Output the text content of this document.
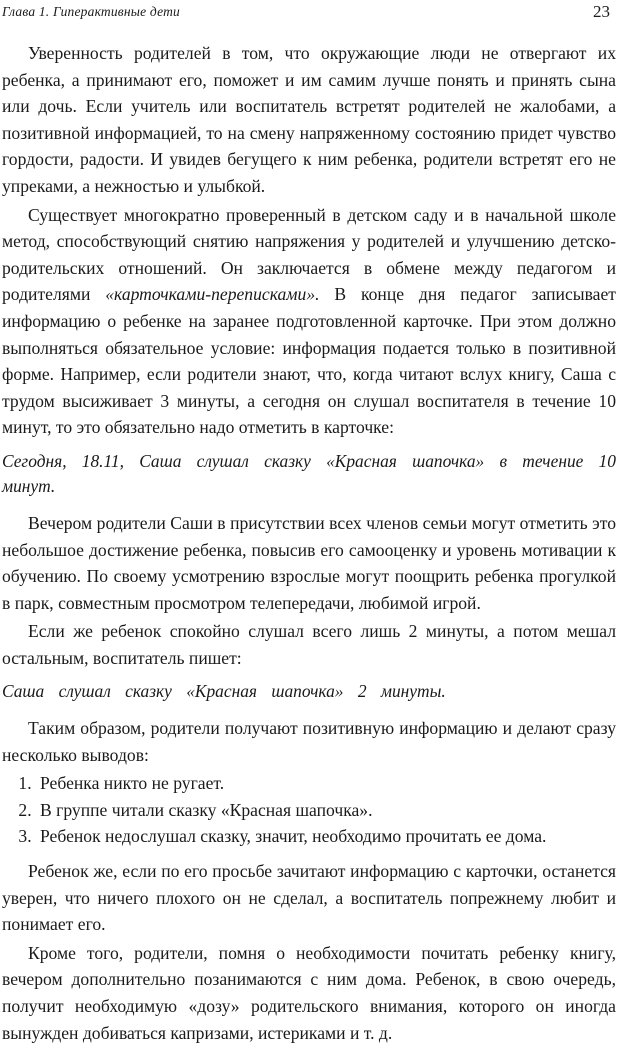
Глава 1. Гиперактивные дети	23

Уверенность родителей в том, что окружающие люди не отвергают их ребенка, а принимают его, поможет и им самим лучше понять и принять сына или дочь. Если учитель или воспитатель встретят родителей не жалобами, а позитивной информацией, то на смену напряженному состоянию придет чувство гордости, радости. И увидев бегущего к ним ребенка, родители встретят его не упреками, а нежностью и улыбкой.

Существует многократно проверенный в детском саду и в начальной школе метод, способствующий снятию напряжения у родителей и улучшению детско-родительских отношений. Он заключается в обмене между педагогом и родителями «карточками-переписками». В конце дня педагог записывает информацию о ребенке на заранее подготовленной карточке. При этом должно выполняться обязательное условие: информация подается только в позитивной форме. Например, если родители знают, что, когда читают вслух книгу, Саша с трудом высиживает 3 минуты, а сегодня он слушал воспитателя в течение 10 минут, то это обязательно надо отметить в карточке:

Сегодня, 18.11, Саша слушал сказку «Красная шапочка» в течение 10 минут.

Вечером родители Саши в присутствии всех членов семьи могут отметить это небольшое достижение ребенка, повысив его самооценку и уровень мотивации к обучению. По своему усмотрению взрослые могут поощрить ребенка прогулкой в парк, совместным просмотром телепередачи, любимой игрой.

Если же ребенок спокойно слушал всего лишь 2 минуты, а потом мешал остальным, воспитатель пишет:

Саша слушал сказку «Красная шапочка» 2 минуты.

Таким образом, родители получают позитивную информацию и делают сразу несколько выводов:

1. Ребенка никто не ругает.
2. В группе читали сказку «Красная шапочка».
3. Ребенок недослушал сказку, значит, необходимо прочитать ее дома.

Ребенок же, если по его просьбе зачитают информацию с карточки, останется уверен, что ничего плохого он не сделал, а воспитатель попрежнему любит и понимает его.

Кроме того, родители, помня о необходимости почитать ребенку книгу, вечером дополнительно позанимаются с ним дома. Ребенок, в свою очередь, получит необходимую «дозу» родительского внимания, которого он иногда вынужден добиваться капризами, истериками и т. д.
